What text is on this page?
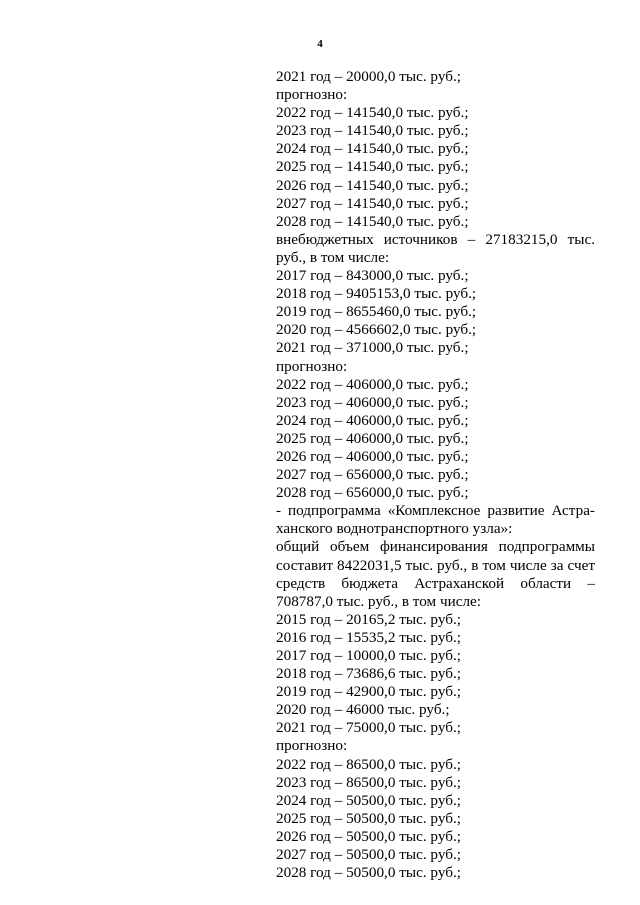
4
2021 год – 20000,0 тыс. руб.;
прогнозно:
2022 год – 141540,0 тыс. руб.;
2023 год – 141540,0 тыс. руб.;
2024 год – 141540,0 тыс. руб.;
2025 год – 141540,0 тыс. руб.;
2026 год – 141540,0 тыс. руб.;
2027 год – 141540,0 тыс. руб.;
2028 год – 141540,0 тыс. руб.;
внебюджетных источников – 27183215,0 тыс.
руб., в том числе:
2017 год – 843000,0 тыс. руб.;
2018 год – 9405153,0 тыс. руб.;
2019 год – 8655460,0 тыс. руб.;
2020 год – 4566602,0 тыс. руб.;
2021 год – 371000,0 тыс. руб.;
прогнозно:
2022 год – 406000,0 тыс. руб.;
2023 год – 406000,0 тыс. руб.;
2024 год – 406000,0 тыс. руб.;
2025 год – 406000,0 тыс. руб.;
2026 год – 406000,0 тыс. руб.;
2027 год – 656000,0 тыс. руб.;
2028 год – 656000,0 тыс. руб.;
- подпрограмма «Комплексное развитие Астра-
ханского воднотранспортного узла»:
общий объем финансирования подпрограммы
составит 8422031,5 тыс. руб., в том числе за счет
средств бюджета Астраханской области –
708787,0 тыс. руб., в том числе:
2015 год – 20165,2 тыс. руб.;
2016 год – 15535,2 тыс. руб.;
2017 год – 10000,0 тыс. руб.;
2018 год – 73686,6 тыс. руб.;
2019 год – 42900,0 тыс. руб.;
2020 год – 46000 тыс. руб.;
2021 год – 75000,0 тыс. руб.;
прогнозно:
2022 год – 86500,0 тыс. руб.;
2023 год – 86500,0 тыс. руб.;
2024 год – 50500,0 тыс. руб.;
2025 год – 50500,0 тыс. руб.;
2026 год – 50500,0 тыс. руб.;
2027 год – 50500,0 тыс. руб.;
2028 год – 50500,0 тыс. руб.;
